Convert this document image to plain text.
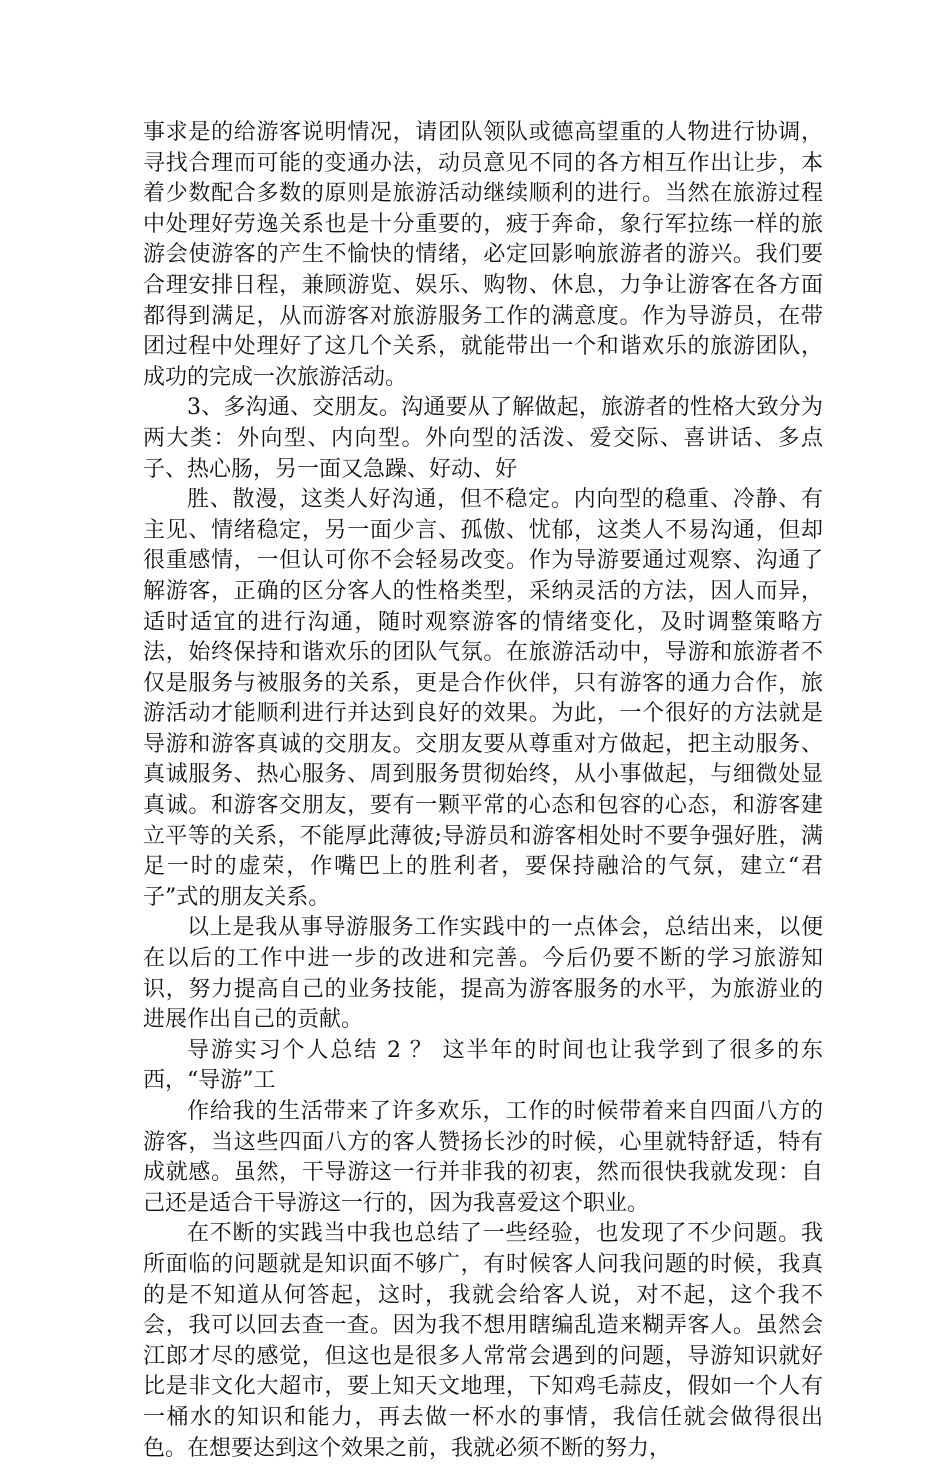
事求是的给游客说明情况，请团队领队或德高望重的人物进行协调，寻找合理而可能的变通办法，动员意见不同的各方相互作出让步，本着少数配合多数的原则是旅游活动继续顺利的进行。当然在旅游过程中处理好劳逸关系也是十分重要的，疲于奔命，象行军拉练一样的旅游会使游客的产生不愉快的情绪，必定回影响旅游者的游兴。我们要合理安排日程，兼顾游览、娱乐、购物、休息，力争让游客在各方面都得到满足，从而游客对旅游服务工作的满意度。作为导游员，在带团过程中处理好了这几个关系，就能带出一个和谐欢乐的旅游团队，成功的完成一次旅游活动。

3、多沟通、交朋友。沟通要从了解做起，旅游者的性格大致分为两大类：外向型、内向型。外向型的活泼、爱交际、喜讲话、多点子、热心肠，另一面又急躁、好动、好

胜、散漫，这类人好沟通，但不稳定。内向型的稳重、冷静、有主见、情绪稳定，另一面少言、孤傲、忧郁，这类人不易沟通，但却很重感情，一但认可你不会轻易改变。作为导游要通过观察、沟通了解游客，正确的区分客人的性格类型，采纳灵活的方法，因人而异，适时适宜的进行沟通，随时观察游客的情绪变化，及时调整策略方法，始终保持和谐欢乐的团队气氛。在旅游活动中，导游和旅游者不仅是服务与被服务的关系，更是合作伙伴，只有游客的通力合作，旅游活动才能顺利进行并达到良好的效果。为此，一个很好的方法就是导游和游客真诚的交朋友。交朋友要从尊重对方做起，把主动服务、真诚服务、热心服务、周到服务贯彻始终，从小事做起，与细微处显真诚。和游客交朋友，要有一颗平常的心态和包容的心态，和游客建立平等的关系，不能厚此薄彼;导游员和游客相处时不要争强好胜，满足一时的虚荣，作嘴巴上的胜利者，要保持融洽的气氛，建立“君子”式的朋友关系。

以上是我从事导游服务工作实践中的一点体会，总结出来，以便在以后的工作中进一步的改进和完善。今后仍要不断的学习旅游知识，努力提高自己的业务技能，提高为游客服务的水平，为旅游业的进展作出自己的贡献。

导游实习个人总结 2 ？ 这半年的时间也让我学到了很多的东西，“导游”工

作给我的生活带来了许多欢乐，工作的时候带着来自四面八方的游客，当这些四面八方的客人赞扬长沙的时候，心里就特舒适，特有成就感。虽然，干导游这一行并非我的初衷，然而很快我就发现：自己还是适合干导游这一行的，因为我喜爱这个职业。

在不断的实践当中我也总结了一些经验，也发现了不少问题。我所面临的问题就是知识面不够广，有时候客人问我问题的时候，我真的是不知道从何答起，这时，我就会给客人说，对不起，这个我不会，我可以回去查一查。因为我不想用瞎编乱造来糊弄客人。虽然会江郎才尽的感觉，但这也是很多人常常会遇到的问题，导游知识就好比是非文化大超市，要上知天文地理，下知鸡毛蒜皮，假如一个人有一桶水的知识和能力，再去做一杯水的事情，我信任就会做得很出色。在想要达到这个效果之前，我就必须不断的努力，
